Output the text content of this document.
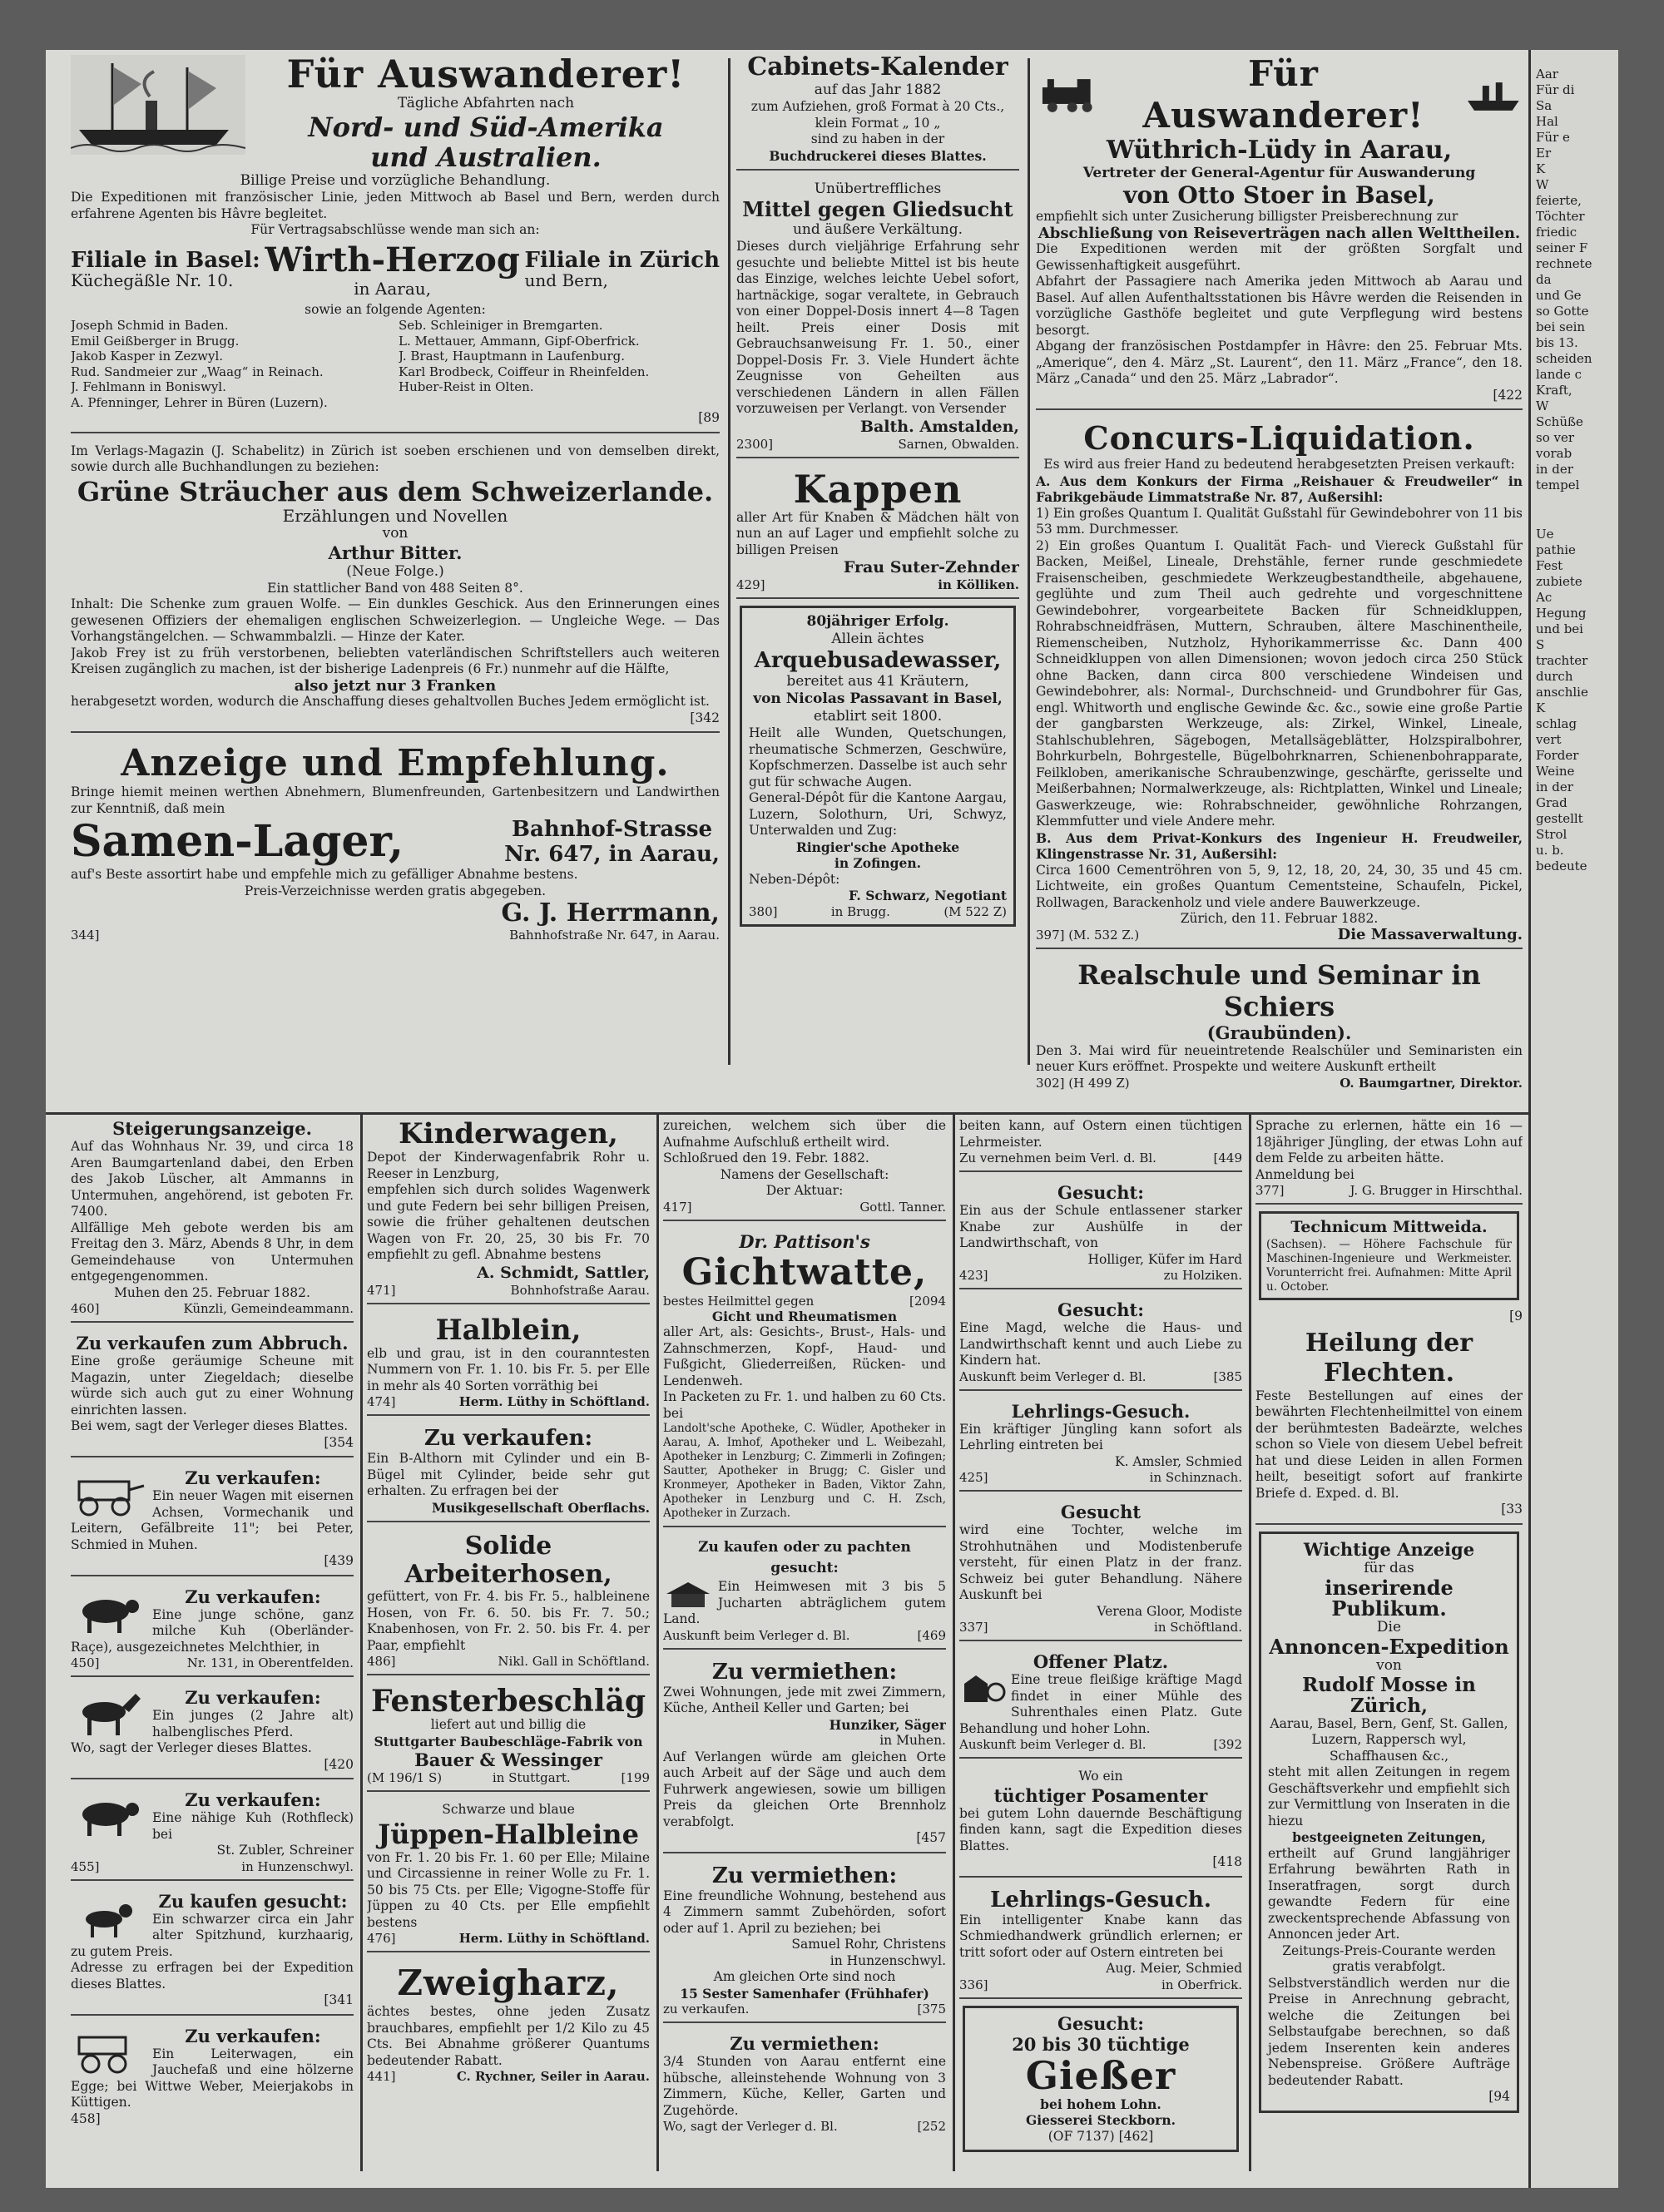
Für Auswanderer!
Tägliche Abfahrten nach
Nord- und Süd-Amerika
und Australien.
Billige Preise und vorzügliche Behandlung.
Die Expeditionen mit französischer Linie, jeden Mittwoch ab Basel und Bern, werden durch erfahrene Agenten bis Hâvre begleitet.
Für Vertragsabschlüsse wende man sich an:
Filiale in Basel:
Küchegäßle Nr. 10.
Wirth-Herzog
in Aarau,
Filiale in Zürich
und Bern,
sowie an folgende Agenten:
Joseph Schmid in Baden.
Emil Geißberger in Brugg.
Jakob Kasper in Zezwyl.
Rud. Sandmeier zur „Waag“ in Reinach.
J. Fehlmann in Boniswyl.
A. Pfenninger, Lehrer in Büren (Luzern).
Seb. Schleiniger in Bremgarten.
L. Mettauer, Ammann, Gipf-Oberfrick.
J. Brast, Hauptmann in Laufenburg.
Karl Brodbeck, Coiffeur in Rheinfelden.
Huber-Reist in Olten.
[89
Im Verlags-Magazin (J. Schabelitz) in Zürich ist soeben erschienen und von demselben direkt, sowie durch alle Buchhandlungen zu beziehen:
Grüne Sträucher aus dem Schweizerlande.
Erzählungen und Novellen
von
Arthur Bitter.
(Neue Folge.)
Ein stattlicher Band von 488 Seiten 8°.
Inhalt: Die Schenke zum grauen Wolfe. — Ein dunkles Geschick. Aus den Erinnerungen eines gewesenen Offiziers der ehemaligen englischen Schweizerlegion. — Ungleiche Wege. — Das Vorhangstängelchen. — Schwammbalzli. — Hinze der Kater.
Jakob Frey ist zu früh verstorbenen, beliebten vaterländischen Schriftstellers auch weiteren Kreisen zugänglich zu machen, ist der bisherige Ladenpreis (6 Fr.) nunmehr auf die Hälfte,
also jetzt nur 3 Franken
herabgesetzt worden, wodurch die Anschaffung dieses gehaltvollen Buches Jedem ermöglicht ist.
[342
Anzeige und Empfehlung.
Bringe hiemit meinen werthen Abnehmern, Blumenfreunden, Gartenbesitzern und Landwirthen zur Kenntniß, daß mein
Samen-Lager,	Bahnhof-Strasse
Nr. 647, in Aarau,
auf's Beste assortirt habe und empfehle mich zu gefälliger Abnahme bestens.
Preis-Verzeichnisse werden gratis abgegeben.
G. J. Herrmann,
344]	Bahnhofstraße Nr. 647, in Aarau.
Cabinets-Kalender
auf das Jahr 1882
zum Aufziehen, groß Format à 20 Cts., klein Format „ 10 „
sind zu haben in der
Buchdruckerei dieses Blattes.
Unübertreffliches
Mittel gegen Gliedsucht
und äußere Verkältung.
Dieses durch vieljährige Erfahrung sehr gesuchte und beliebte Mittel ist bis heute das Einzige, welches leichte Uebel sofort, hartnäckige, sogar veraltete, in Gebrauch von einer Doppel-Dosis innert 4—8 Tagen heilt. Preis einer Dosis mit Gebrauchsanweisung Fr. 1. 50., einer Doppel-Dosis Fr. 3. Viele Hundert ächte Zeugnisse von Geheilten aus verschiedenen Ländern in allen Fällen vorzuweisen per Verlangt. von Versender
Balth. Amstalden,
2300]	Sarnen, Obwalden.
Kappen
aller Art für Knaben & Mädchen hält von nun an auf Lager und empfiehlt solche zu billigen Preisen
Frau Suter-Zehnder
429]	in Kölliken.
80jähriger Erfolg.
Allein ächtes
Arquebusadewasser,
bereitet aus 41 Kräutern,
von Nicolas Passavant in Basel,
etablirt seit 1800.
Heilt alle Wunden, Quetschungen, rheumatische Schmerzen, Geschwüre, Kopfschmerzen. Dasselbe ist auch sehr gut für schwache Augen.
General-Dépôt für die Kantone Aargau, Luzern, Solothurn, Uri, Schwyz, Unterwalden und Zug:
Ringier'sche Apotheke
in Zofingen.
Neben-Dépôt:
F. Schwarz, Negotiant
380]	in Brugg.	(M 522 Z)
Für Auswanderer!
Wüthrich-Lüdy in Aarau,
Vertreter der General-Agentur für Auswanderung
von Otto Stoer in Basel,
empfiehlt sich unter Zusicherung billigster Preisberechnung zur
Abschließung von Reiseverträgen nach allen Welttheilen.
Die Expeditionen werden mit der größten Sorgfalt und Gewissenhaftigkeit ausgeführt.
Abfahrt der Passagiere nach Amerika jeden Mittwoch ab Aarau und Basel. Auf allen Aufenthaltsstationen bis Hâvre werden die Reisenden in vorzügliche Gasthöfe begleitet und gute Verpflegung wird bestens besorgt.
Abgang der französischen Postdampfer in Hâvre: den 25. Februar Mts. „Amerique“, den 4. März „St. Laurent“, den 11. März „France“, den 18. März „Canada“ und den 25. März „Labrador“.
[422
Concurs-Liquidation.
Es wird aus freier Hand zu bedeutend herabgesetzten Preisen verkauft:
A. Aus dem Konkurs der Firma „Reishauer & Freudweiler“ in Fabrikgebäude Limmatstraße Nr. 87, Außersihl:
1) Ein großes Quantum I. Qualität Gußstahl für Gewindebohrer von 11 bis 53 mm. Durchmesser.
2) Ein großes Quantum I. Qualität Fach- und Viereck Gußstahl für Backen, Meißel, Lineale, Drehstähle, ferner runde geschmiedete Fraisenscheiben, geschmiedete Werkzeugbestandtheile, abgehauene, geglühte und zum Theil auch gedrehte und vorgeschnittene Gewindebohrer, vorgearbeitete Backen für Schneidkluppen, Rohrabschneidfräsen, Muttern, Schrauben, ältere Maschinentheile, Riemenscheiben, Nutzholz, Hyhorikammerrisse &c. Dann 400 Schneidkluppen von allen Dimensionen; wovon jedoch circa 250 Stück ohne Backen, dann circa 800 verschiedene Windeisen und Gewindebohrer, als: Normal-, Durchschneid- und Grundbohrer für Gas, engl. Whitworth und englische Gewinde &c. &c., sowie eine große Partie der gangbarsten Werkzeuge, als: Zirkel, Winkel, Lineale, Stahlschublehren, Sägebogen, Metallsägeblätter, Holzspiralbohrer, Bohrkurbeln, Bohrgestelle, Bügelbohrknarren, Schienenbohrapparate, Feilkloben, amerikanische Schraubenzwinge, geschärfte, gerisselte und Meißerbahnen; Normalwerkzeuge, als: Richtplatten, Winkel und Lineale; Gaswerkzeuge, wie: Rohrabschneider, gewöhnliche Rohrzangen, Klemmfutter und viele Andere mehr.
B. Aus dem Privat-Konkurs des Ingenieur H. Freudweiler, Klingenstrasse Nr. 31, Außersihl:
Circa 1600 Cementröhren von 5, 9, 12, 18, 20, 24, 30, 35 und 45 cm. Lichtweite, ein großes Quantum Cementsteine, Schaufeln, Pickel, Rollwagen, Barackenholz und viele andere Bauwerkzeuge.
Zürich, den 11. Februar 1882.
397] (M. 532 Z.)	Die Massaverwaltung.
Realschule und Seminar in Schiers
(Graubünden).
Den 3. Mai wird für neueintretende Realschüler und Seminaristen ein neuer Kurs eröffnet. Prospekte und weitere Auskunft ertheilt
302] (H 499 Z)	O. Baumgartner, Direktor.
Steigerungsanzeige.
Auf das Wohnhaus Nr. 39, und circa 18 Aren Baumgartenland dabei, den Erben des Jakob Lüscher, alt Ammanns in Untermuhen, angehörend, ist geboten Fr. 7400.
Allfällige Meh gebote werden bis am Freitag den 3. März, Abends 8 Uhr, in dem Gemeindehause von Untermuhen entgegengenommen.
Muhen den 25. Februar 1882.
460]	Künzli, Gemeindeammann.
Zu verkaufen zum Abbruch.
Eine große geräumige Scheune mit Magazin, unter Ziegeldach; dieselbe würde sich auch gut zu einer Wohnung einrichten lassen.
Bei wem, sagt der Verleger dieses Blattes.
[354
Zu verkaufen:
Ein neuer Wagen mit eisernen Achsen, Vormechanik und Leitern, Gefälbreite 11"; bei Peter, Schmied in Muhen.
[439
Zu verkaufen:
Eine junge schöne, ganz milche Kuh (Oberländer-Raçe), ausgezeichnetes Melchthier, in
450]	Nr. 131, in Oberentfelden.
Zu verkaufen:
Ein junges (2 Jahre alt) halbenglisches Pferd.
Wo, sagt der Verleger dieses Blattes.
[420
Zu verkaufen:
Eine nähige Kuh (Rothfleck) bei
St. Zubler, Schreiner
455]	in Hunzenschwyl.
Zu kaufen gesucht:
Ein schwarzer circa ein Jahr alter Spitzhund, kurzhaarig, zu gutem Preis.
Adresse zu erfragen bei der Expedition dieses Blattes.
[341
Zu verkaufen:
Ein Leiterwagen, ein Jauchefaß und eine hölzerne Egge; bei Wittwe Weber, Meierjakobs in Küttigen.
458]
Kinderwagen,
Depot der Kinderwagenfabrik Rohr u. Reeser in Lenzburg,
empfehlen sich durch solides Wagenwerk und gute Federn bei sehr billigen Preisen, sowie die früher gehaltenen deutschen Wagen von Fr. 20, 25, 30 bis Fr. 70 empfiehlt zu gefl. Abnahme bestens
A. Schmidt, Sattler,
471]	Bohnhofstraße Aarau.
Halblein,
elb und grau, ist in den couranntesten Nummern von Fr. 1. 10. bis Fr. 5. per Elle in mehr als 40 Sorten vorräthig bei
474]	Herm. Lüthy in Schöftland.
Zu verkaufen:
Ein B-Althorn mit Cylinder und ein B-Bügel mit Cylinder, beide sehr gut erhalten. Zu erfragen bei der
Musikgesellschaft Oberflachs.
Solide Arbeiterhosen,
gefüttert, von Fr. 4. bis Fr. 5., halbleinene Hosen, von Fr. 6. 50. bis Fr. 7. 50.; Knabenhosen, von Fr. 2. 50. bis Fr. 4. per Paar, empfiehlt
486]	Nikl. Gall in Schöftland.
Fensterbeschläg
liefert aut und billig die
Stuttgarter Baubeschläge-Fabrik von
Bauer & Wessinger
(M 196/1 S)	in Stuttgart.	[199
Schwarze und blaue
Jüppen-Halbleine
von Fr. 1. 20 bis Fr. 1. 60 per Elle; Milaine und Circassienne in reiner Wolle zu Fr. 1. 50 bis 75 Cts. per Elle; Vigogne-Stoffe für Jüppen zu 40 Cts. per Elle empfiehlt bestens
476]	Herm. Lüthy in Schöftland.
Zweigharz,
ächtes bestes, ohne jeden Zusatz brauchbares, empfiehlt per 1/2 Kilo zu 45 Cts. Bei Abnahme größerer Quantums bedeutender Rabatt.
441]	C. Rychner, Seiler in Aarau.
zureichen, welchem sich über die Aufnahme Aufschluß ertheilt wird.
Schloßrued den 19. Febr. 1882.
Namens der Gesellschaft:
Der Aktuar:
417]	Gottl. Tanner.
Dr. Pattison's
Gichtwatte,
bestes Heilmittel gegen	[2094
Gicht und Rheumatismen
aller Art, als: Gesichts-, Brust-, Hals- und Zahnschmerzen, Kopf-, Haud- und Fußgicht, Gliederreißen, Rücken- und Lendenweh.
In Packeten zu Fr. 1. und halben zu 60 Cts. bei
Landolt'sche Apotheke, C. Wüdler, Apotheker in Aarau, A. Imhof, Apotheker und L. Weibezahl, Apotheker in Lenzburg; C. Zimmerli in Zofingen; Sautter, Apotheker in Brugg; C. Gisler und Kronmeyer, Apotheker in Baden, Viktor Zahn, Apotheker in Lenzburg und C. H. Zsch, Apotheker in Zurzach.
Zu kaufen oder zu pachten gesucht:
Ein Heimwesen mit 3 bis 5 Jucharten abträglichem gutem Land.
Auskunft beim Verleger d. Bl.	[469
Zu vermiethen:
Zwei Wohnungen, jede mit zwei Zimmern, Küche, Antheil Keller und Garten; bei
Hunziker, Säger
in Muhen.
Auf Verlangen würde am gleichen Orte auch Arbeit auf der Säge und auch dem Fuhrwerk angewiesen, sowie um billigen Preis da gleichen Orte Brennholz verabfolgt.
[457
Zu vermiethen:
Eine freundliche Wohnung, bestehend aus 4 Zimmern sammt Zubehörden, sofort oder auf 1. April zu beziehen; bei
Samuel Rohr, Christens
in Hunzenschwyl.
Am gleichen Orte sind noch
15 Sester Samenhafer (Frühhafer)
zu verkaufen.	[375
Zu vermiethen:
3/4 Stunden von Aarau entfernt eine hübsche, alleinstehende Wohnung von 3 Zimmern, Küche, Keller, Garten und Zugehörde.
Wo, sagt der Verleger d. Bl.	[252
beiten kann, auf Ostern einen tüchtigen Lehrmeister.
Zu vernehmen beim Verl. d. Bl.	[449
Gesucht:
Ein aus der Schule entlassener starker Knabe zur Aushülfe in der Landwirthschaft, von
Holliger, Küfer im Hard
423]	zu Holziken.
Gesucht:
Eine Magd, welche die Haus- und Landwirthschaft kennt und auch Liebe zu Kindern hat.
Auskunft beim Verleger d. Bl.	[385
Lehrlings-Gesuch.
Ein kräftiger Jüngling kann sofort als Lehrling eintreten bei
K. Amsler, Schmied
425]	in Schinznach.
Gesucht
wird eine Tochter, welche im Strohhutnähen und Modistenberufe versteht, für einen Platz in der franz. Schweiz bei guter Behandlung. Nähere Auskunft bei
Verena Gloor, Modiste
337]	in Schöftland.
Offener Platz.
Eine treue fleißige kräftige Magd findet in einer Mühle des Suhrenthales einen Platz. Gute Behandlung und hoher Lohn.
Auskunft beim Verleger d. Bl.	[392
Wo ein
tüchtiger Posamenter
bei gutem Lohn dauernde Beschäftigung finden kann, sagt die Expedition dieses Blattes.
[418
Lehrlings-Gesuch.
Ein intelligenter Knabe kann das Schmiedhandwerk gründlich erlernen; er tritt sofort oder auf Ostern eintreten bei
Aug. Meier, Schmied
336]	in Oberfrick.
Gesucht:
20 bis 30 tüchtige
Gießer
bei hohem Lohn.
Giesserei Steckborn.
(OF 7137) [462]
Sprache zu erlernen, hätte ein 16 — 18jähriger Jüngling, der etwas Lohn auf dem Felde zu arbeiten hätte.
Anmeldung bei
377]	J. G. Brugger in Hirschthal.
Technicum Mittweida.
(Sachsen). — Höhere Fachschule für Maschinen-Ingenieure und Werkmeister. Vorunterricht frei. Aufnahmen: Mitte April u. October.
[9
Heilung der Flechten.
Feste Bestellungen auf eines der bewährten Flechtenheilmittel von einem der berühmtesten Badeärzte, welches schon so Viele von diesem Uebel befreit hat und diese Leiden in allen Formen heilt, beseitigt sofort auf frankirte Briefe d. Exped. d. Bl.
[33
Wichtige Anzeige
für das
inserirende Publikum.
Die
Annoncen-Expedition
von
Rudolf Mosse in Zürich,
Aarau, Basel, Bern, Genf, St. Gallen, Luzern, Rappersch wyl, Schaffhausen &c.,
steht mit allen Zeitungen in regem Geschäftsverkehr und empfiehlt sich zur Vermittlung von Inseraten in die hiezu
bestgeeigneten Zeitungen,
ertheilt auf Grund langjähriger Erfahrung bewährten Rath in Inseratfragen, sorgt durch gewandte Federn für eine zweckentsprechende Abfassung von Annoncen jeder Art.
Zeitungs-Preis-Courante werden gratis verabfolgt.
Selbstverständlich werden nur die Preise in Anrechnung gebracht, welche die Zeitungen bei Selbstaufgabe berechnen, so daß jedem Inserenten kein anderes Nebenspreise. Größere Aufträge bedeutender Rabatt.
[94
Aar
Für di
Sa
Hal
Für e
Er
K
W
feierte,
Töchter
friedic
seiner F
rechnete
da
und Ge
so Gotte
bei sein
bis 13.
scheiden
lande c
Kraft,
W
Schüße
so ver
vorab
in der
tempel
Ue
pathie
Fest
zubiete
Ac
Hegung
und bei
S
trachter
durch
anschlie
K
schlag
vert
Forder
Weine
in der
Grad
gestellt
Strol
u. b.
bedeute
